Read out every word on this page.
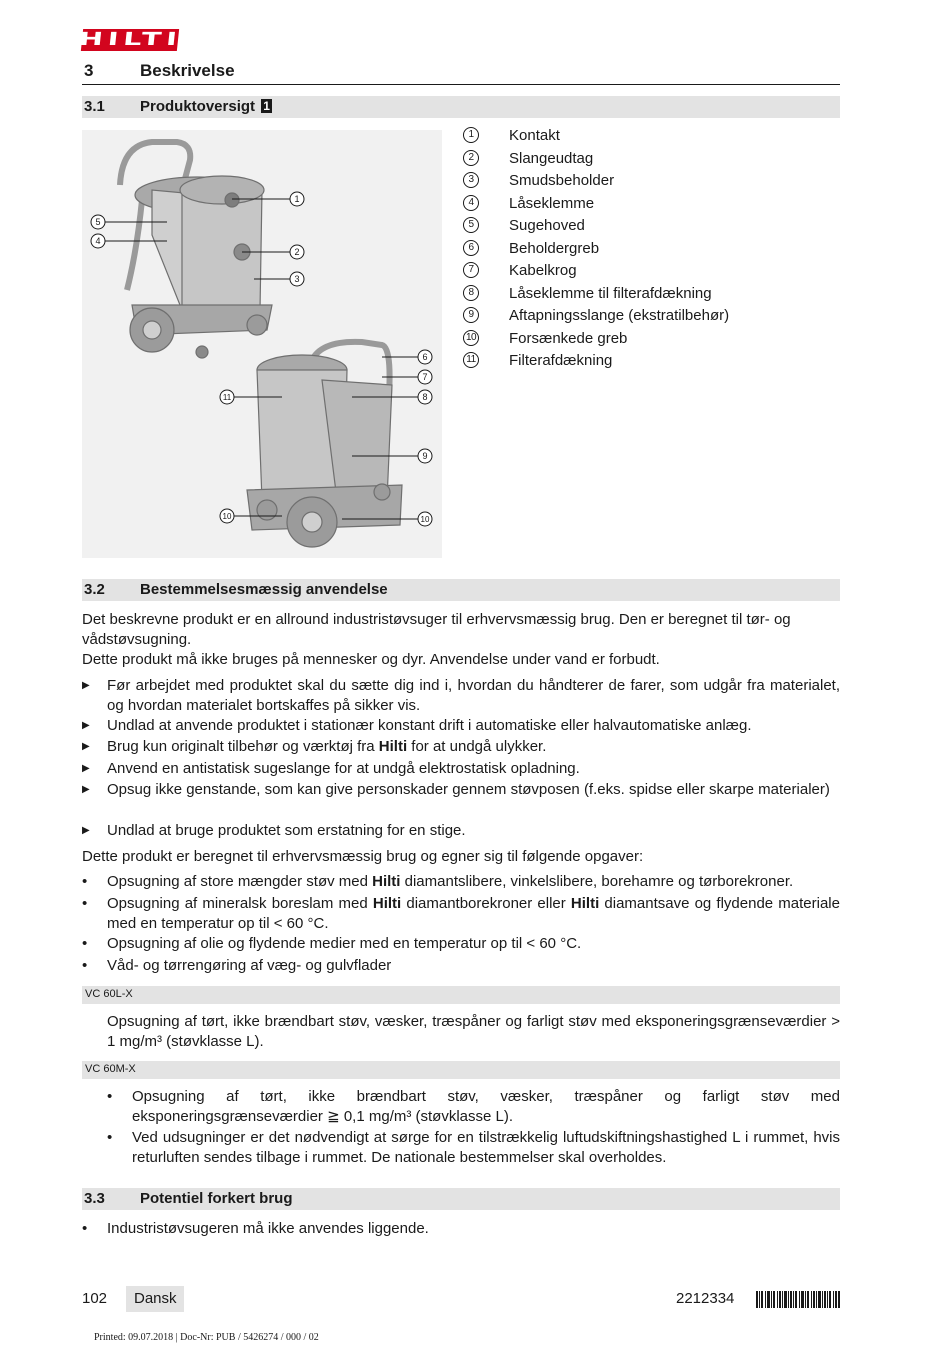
HILTI
3	Beskrivelse
3.1 Produktoversigt 1
1
5
4
2
3
6
7
11	8
9
10	10
1	Kontakt
2	Slangeudtag
3	Smudsbeholder
4	Låseklemme
5	Sugehoved
6	Beholdergreb
7	Kabelkrog
8	Låseklemme til filterafdækning
9	Aftapningsslange (ekstratilbehør)
10 Forsænkede greb
11 Filterafdækning
3.2 Bestemmelsesmæssig anvendelse
Det beskrevne produkt er en allround industristøvsuger til erhvervsmæssig brug. Den er beregnet til tør- og vådstøvsugning.
Dette produkt må ikke bruges på mennesker og dyr. Anvendelse under vand er forbudt.
▶ Før arbejdet med produktet skal du sætte dig ind i, hvordan du håndterer de farer, som udgår fra materialet, og hvordan materialet bortskaffes på sikker vis.
▶ Undlad at anvende produktet i stationær konstant drift i automatiske eller halvautomatiske anlæg.
▶ Brug kun originalt tilbehør og værktøj fra Hilti for at undgå ulykker.
▶ Anvend en antistatisk sugeslange for at undgå elektrostatisk opladning.
▶ Opsug ikke genstande, som kan give personskader gennem støvposen (f.eks. spidse eller skarpe materialer)
▶ Undlad at bruge produktet som erstatning for en stige.
Dette produkt er beregnet til erhvervsmæssig brug og egner sig til følgende opgaver:
• Opsugning af store mængder støv med Hilti diamantslibere, vinkelslibere, borehamre og tørborekroner.
• Opsugning af mineralsk boreslam med Hilti diamantborekroner eller Hilti diamantsave og flydende materiale med en temperatur op til < 60 °C.
• Opsugning af olie og flydende medier med en temperatur op til < 60 °C.
• Våd- og tørrengøring af væg- og gulvflader
VC 60L-X
Opsugning af tørt, ikke brændbart støv, væsker, træspåner og farligt støv med eksponeringsgrænseværdier > 1 mg/m³ (støvklasse L).
VC 60M-X
• Opsugning af tørt, ikke brændbart støv, væsker, træspåner og farligt støv med eksponeringsgrænseværdier ≧ 0,1 mg/m³ (støvklasse L).
• Ved udsugninger er det nødvendigt at sørge for en tilstrækkelig luftudskiftningshastighed L i rummet, hvis returluften sendes tilbage i rummet. De nationale bestemmelser skal overholdes.
3.3 Potentiel forkert brug
• Industristøvsugeren må ikke anvendes liggende.
102 Dansk	2212334
Printed: 09.07.2018 | Doc-Nr: PUB / 5426274 / 000 / 02
